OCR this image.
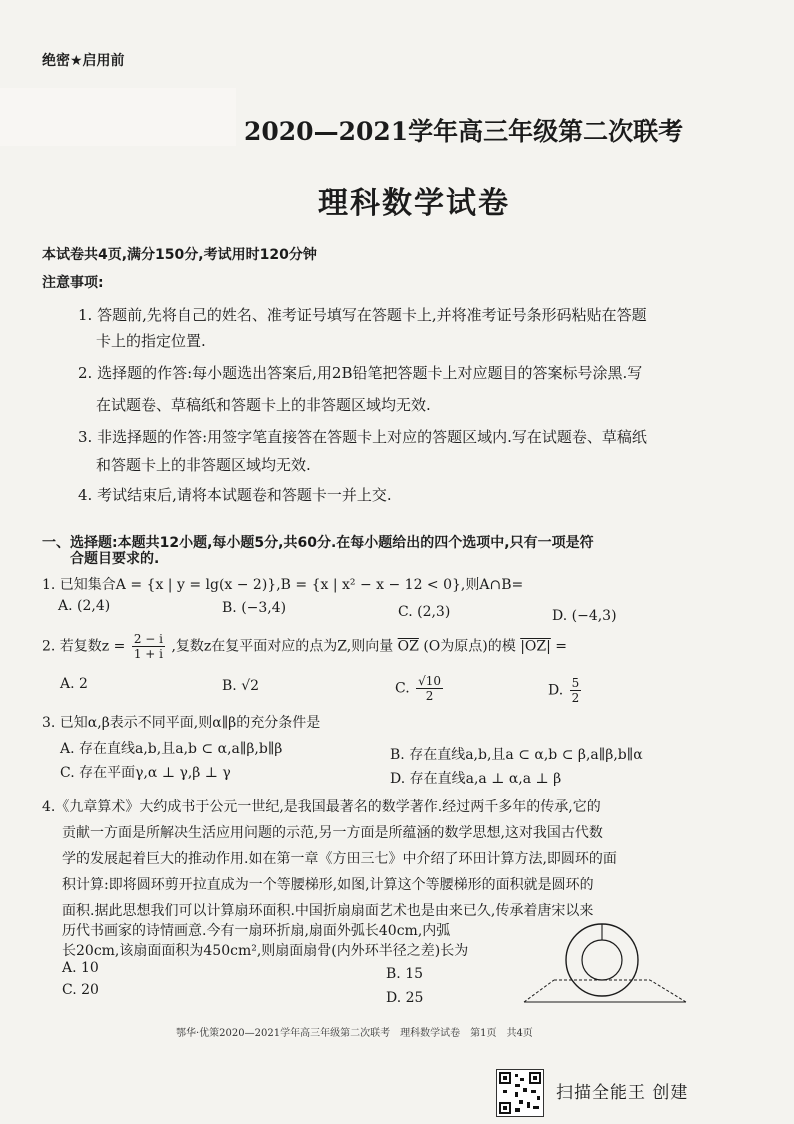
绝密★启用前
2020—2021学年高三年级第二次联考
理科数学试卷
本试卷共4页,满分150分,考试用时120分钟
注意事项:
1. 答题前,先将自己的姓名、准考证号填写在答题卡上,并将准考证号条形码粘贴在答题
卡上的指定位置.
2. 选择题的作答:每小题选出答案后,用2B铅笔把答题卡上对应题目的答案标号涂黑.写
在试题卷、草稿纸和答题卡上的非答题区域均无效.
3. 非选择题的作答:用签字笔直接答在答题卡上对应的答题区域内.写在试题卷、草稿纸
和答题卡上的非答题区域均无效.
4. 考试结束后,请将本试题卷和答题卡一并上交.
一、选择题:本题共12小题,每小题5分,共60分.在每小题给出的四个选项中,只有一项是符
合题目要求的.
1. 已知集合A = {x | y = lg(x − 2)},B = {x | x² − x − 12 < 0},则A∩B=
A. (2,4)	B. (−3,4)	C. (2,3)	D. (−4,3)
2. 若复数$z = \frac{2 - i}{1 + i}$ ,复数z在复平面对应的点为Z,则向量 $\overline{OZ}$ (O为原点)的模 |OZ| =
A. 2	B. √2	C. $\frac{√10}{2}$	D. $\frac{5}{2}$
3. 已知α,β表示不同平面,则α∥β的充分条件是
A. 存在直线a,b,且a,b ⊂ α,a∥β,b∥β	B. 存在直线a,b,且a ⊂ α,b ⊂ β,a∥β,b∥α
C. 存在平面γ,α ⊥ γ,β ⊥ γ	D. 存在直线a,a ⊥ α,a ⊥ β
4.《九章算术》大约成书于公元一世纪,是我国最著名的数学著作.经过两千多年的传承,它的
贡献一方面是所解决生活应用问题的示范,另一方面是所蕴涵的数学思想,这对我国古代数
学的发展起着巨大的推动作用.如在第一章《方田三七》中介绍了环田计算方法,即圆环的面
积计算:即将圆环剪开拉直成为一个等腰梯形,如图,计算这个等腰梯形的面积就是圆环的
面积.据此思想我们可以计算扇环面积.中国折扇扇面艺术也是由来已久,传承着唐宋以来
历代书画家的诗情画意.今有一扇环折扇,扇面外弧长40cm,内弧
长20cm,该扇面面积为450cm²,则扇面扇骨(内外环半径之差)长为
A. 10	B. 15
C. 20	D. 25
鄂华·优策2020—2021学年高三年级第二次联考　理科数学试卷　第1页　共4页
扫描全能王 创建
